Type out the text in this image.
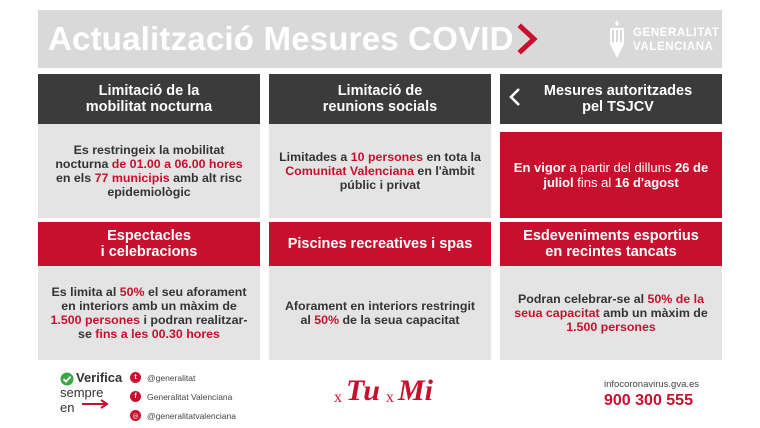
Actualització Mesures COVID	GENERALITAT
VALENCIANA
Limitació de la
mobilitat nocturna
Es restringeix la mobilitat nocturna de 01.00 a 06.00 hores en els 77 municipis amb alt risc epidemiològic
Limitació de
reunions socials
Limitades a 10 persones en tota la Comunitat Valenciana en l'àmbit públic i privat
Mesures autoritzades
pel TSJCV
En vigor a partir del dilluns 26 de juliol fins al 16 d'agost
Espectacles
i celebracions
Es limita al 50% el seu aforament en interiors amb un màxim de 1.500 persones i podran realitzar-se fins a les 00.30 hores
Piscines recreatives i spas
Aforament en interiors restringit al 50% de la seua capacitat
Esdeveniments esportius
en recintes tancats
Podran celebrar-se al 50% de la seua capacitat amb un màxim de 1.500 persones
Verifica
sempre
en
t	@generalitat
f	Generalitat Valenciana
◎ @generalitatvalenciana
x Tu x Mi	infocoronavirus.gva.es
900 300 555
